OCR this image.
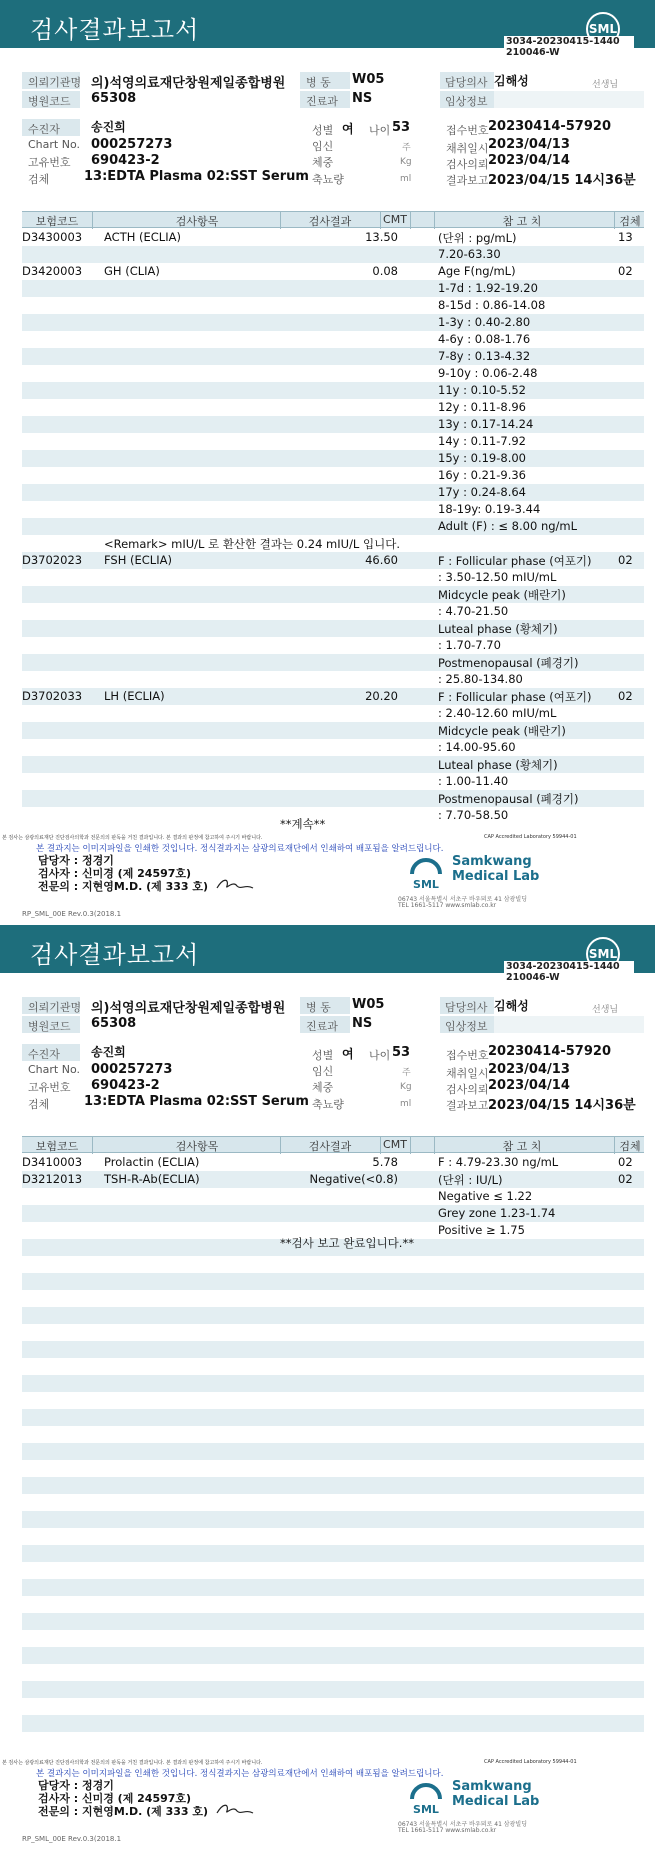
검사결과보고서	SML
3034-20230415-1440
210046-W
의뢰기관명 의)석영의료재단창원제일종합병원
병원코드 65308
병 동 W05
진료과 NS
담당의사 김해성	선생님
임상정보
수진자	송진희
Chart No. 000257273
고유번호 690423-2
검체	13:EDTA Plasma 02:SST Serum
성별 여 나이 53
임신	주
체중	Kg
축뇨량	ml
접수번호 20230414-57920
채취일시 2023/04/13
검사의뢰 2023/04/14
결과보고 2023/04/15 14시36분
보험코드	검사항목	검사결과	CMT	참 고 치	검체
D3430003 ACTH (ECLIA)	13.50	(단위 : pg/mL)	13
7.20-63.30
D3420003 GH (CLIA)	0.08	Age F(ng/mL)	02
1-7d : 1.92-19.20
8-15d : 0.86-14.08
1-3y : 0.40-2.80
4-6y : 0.08-1.76
7-8y : 0.13-4.32
9-10y : 0.06-2.48
11y : 0.10-5.52
12y : 0.11-8.96
13y : 0.17-14.24
14y : 0.11-7.92
15y : 0.19-8.00
16y : 0.21-9.36
17y : 0.24-8.64
18-19y: 0.19-3.44
Adult (F) : ≤ 8.00 ng/mL
<Remark> mIU/L 로 환산한 결과는 0.24 mIU/L 입니다.
D3702023 FSH (ECLIA)	46.60	F : Follicular phase (여포기) 02
: 3.50-12.50 mIU/mL
Midcycle peak (배란기)
: 4.70-21.50
Luteal phase (황체기)
: 1.70-7.70
Postmenopausal (폐경기)
: 25.80-134.80
D3702033 LH (ECLIA)	20.20	F : Follicular phase (여포기) 02
: 2.40-12.60 mIU/mL
Midcycle peak (배란기)
: 14.00-95.60
Luteal phase (황체기)
: 1.00-11.40
Postmenopausal (폐경기)
: 7.70-58.50
**계속**
본 검사는 삼광의료재단 진단검사의학과 전문의의 판독을 거친 결과입니다. 본 결과의 판정에 참고하여 주시기 바랍니다.	CAP Accredited Laboratory 59944-01
본 결과지는 이미지파일을 인쇄한 것입니다. 정식결과지는 삼광의료재단에서 인쇄하여 배포됨을 알려드립니다.
담당자 : 정경기
검사자 : 신미경 (제 24597호)
전문의 : 지현영M.D. (제 333 호)	SML
Samkwang
Medical Lab
06743 서울특별시 서초구 바우뫼로 41 삼광빌딩
TEL 1661-5117 www.smlab.co.kr
RP_SML_00E Rev.0.3(2018.1
검사결과보고서	SML
3034-20230415-1440
210046-W
의뢰기관명 의)석영의료재단창원제일종합병원
병원코드 65308
병 동 W05
진료과 NS
담당의사 김해성	선생님
임상정보
수진자	송진희
Chart No. 000257273
고유번호 690423-2
검체	13:EDTA Plasma 02:SST Serum
성별 여 나이 53
임신	주
체중	Kg
축뇨량	ml
접수번호 20230414-57920
채취일시 2023/04/13
검사의뢰 2023/04/14
결과보고 2023/04/15 14시36분
보험코드	검사항목	검사결과	CMT	참 고 치	검체
D3410003 Prolactin (ECLIA)	5.78	F : 4.79-23.30 ng/mL	02
D3212013 TSH-R-Ab(ECLIA)	Negative(<0.8)	(단위 : IU/L)	02
Negative ≤ 1.22
Grey zone 1.23-1.74
Positive ≥ 1.75
**검사 보고 완료입니다.**
본 검사는 삼광의료재단 진단검사의학과 전문의의 판독을 거친 결과입니다. 본 결과의 판정에 참고하여 주시기 바랍니다.	CAP Accredited Laboratory 59944-01
본 결과지는 이미지파일을 인쇄한 것입니다. 정식결과지는 삼광의료재단에서 인쇄하여 배포됨을 알려드립니다.
담당자 : 정경기
검사자 : 신미경 (제 24597호)
전문의 : 지현영M.D. (제 333 호)	SML
Samkwang
Medical Lab
06743 서울특별시 서초구 바우뫼로 41 삼광빌딩
TEL 1661-5117 www.smlab.co.kr
RP_SML_00E Rev.0.3(2018.1
